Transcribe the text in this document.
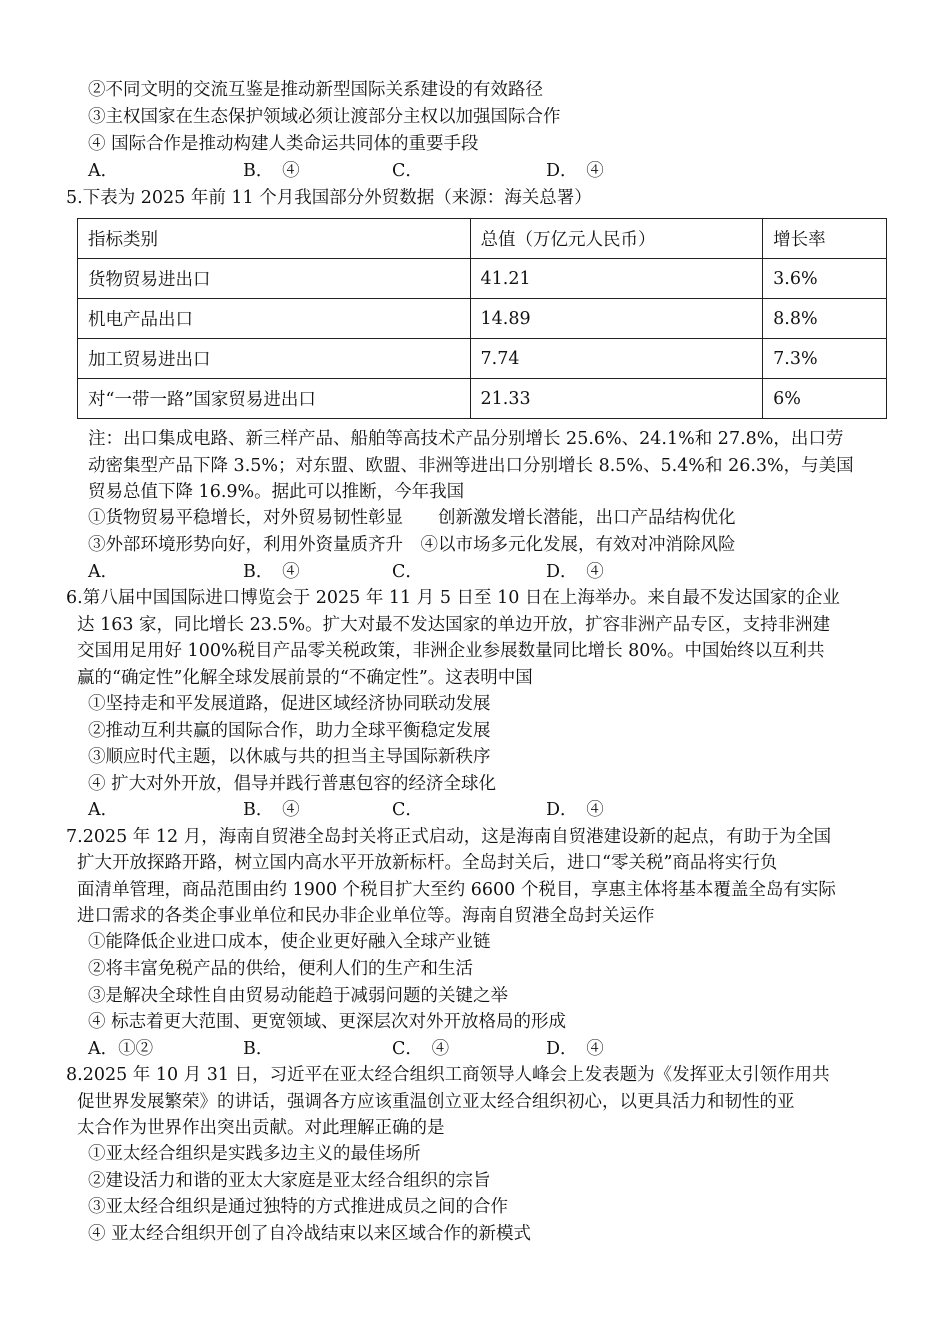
②不同文明的交流互鉴是推动新型国际关系建设的有效路径
③主权国家在生态保护领域必须让渡部分主权以加强国际合作
④ 国际合作是推动构建人类命运共同体的重要手段
A．	B．　④	C．	D．　④
5.下表为 2025 年前 11 个月我国部分外贸数据（来源：海关总署）
指标类别	总值（万亿元人民币）	增长率
货物贸易进出口	41.21	3.6%
机电产品出口	14.89	8.8%
加工贸易进出口	7.74	7.3%
对“一带一路”国家贸易进出口	21.33	6%
注：出口集成电路、新三样产品、船舶等高技术产品分别增长 25.6%、24.1%和 27.8%，出口劳
动密集型产品下降 3.5%；对东盟、欧盟、非洲等进出口分别增长 8.5%、5.4%和 26.3%，与美国
贸易总值下降 16.9%。据此可以推断，今年我国
①货物贸易平稳增长，对外贸易韧性彰显　　创新激发增长潜能，出口产品结构优化
③外部环境形势向好，利用外资量质齐升　④以市场多元化发展，有效对冲消除风险
A．	B．　④	C．	D．　④
6.第八届中国国际进口博览会于 2025 年 11 月 5 日至 10 日在上海举办。来自最不发达国家的企业
达 163 家，同比增长 23.5%。扩大对最不发达国家的单边开放，扩容非洲产品专区，支持非洲建
交国用足用好 100%税目产品零关税政策，非洲企业参展数量同比增长 80%。中国始终以互利共
赢的“确定性”化解全球发展前景的“不确定性”。这表明中国
①坚持走和平发展道路，促进区域经济协同联动发展
②推动互利共赢的国际合作，助力全球平衡稳定发展
③顺应时代主题，以休戚与共的担当主导国际新秩序
④ 扩大对外开放，倡导并践行普惠包容的经济全球化
A．	B．　④	C．	D．　④
7.2025 年 12 月，海南自贸港全岛封关将正式启动，这是海南自贸港建设新的起点，有助于为全国
扩大开放探路开路，树立国内高水平开放新标杆。全岛封关后，进口“零关税”商品将实行负
面清单管理，商品范围由约 1900 个税目扩大至约 6600 个税目，享惠主体将基本覆盖全岛有实际
进口需求的各类企事业单位和民办非企业单位等。海南自贸港全岛封关运作
①能降低企业进口成本，使企业更好融入全球产业链
②将丰富免税产品的供给，便利人们的生产和生活
③是解决全球性自由贸易动能趋于减弱问题的关键之举
④ 标志着更大范围、更宽领域、更深层次对外开放格局的形成
A．①②	B．	C．　④	D．　④
8.2025 年 10 月 31 日，习近平在亚太经合组织工商领导人峰会上发表题为《发挥亚太引领作用共
促世界发展繁荣》的讲话，强调各方应该重温创立亚太经合组织初心，以更具活力和韧性的亚
太合作为世界作出突出贡献。对此理解正确的是
①亚太经合组织是实践多边主义的最佳场所
②建设活力和谐的亚太大家庭是亚太经合组织的宗旨
③亚太经合组织是通过独特的方式推进成员之间的合作
④ 亚太经合组织开创了自冷战结束以来区域合作的新模式
